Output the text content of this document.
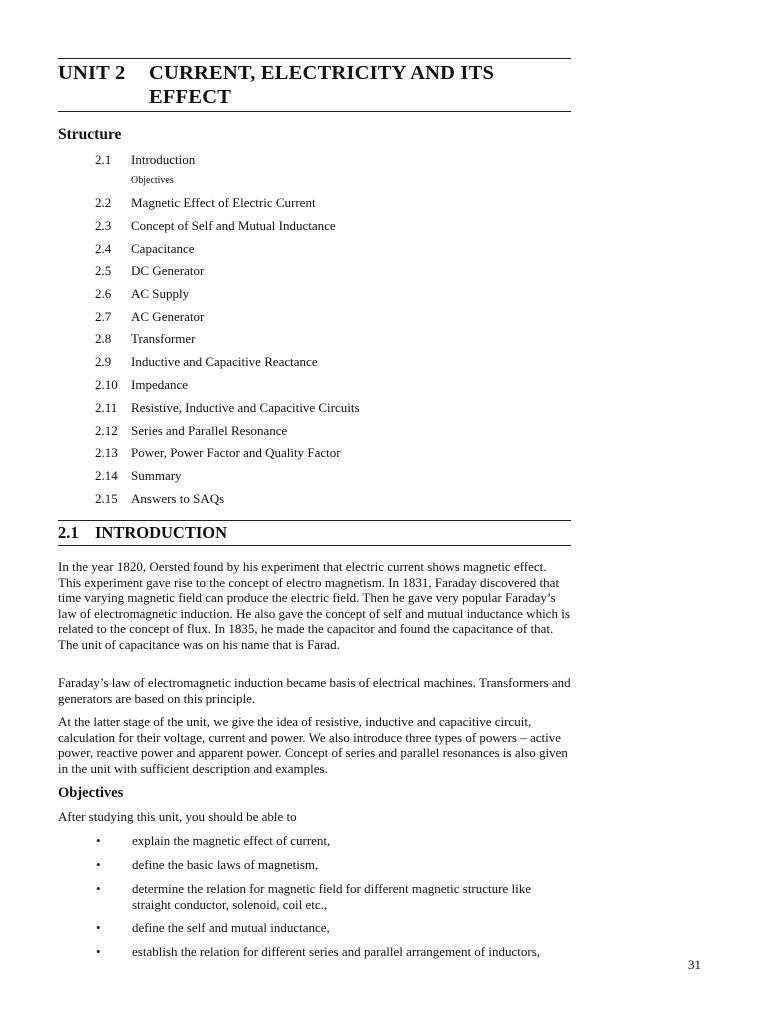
UNIT 2 CURRENT, ELECTRICITY AND ITS EFFECT
Structure
2.1 Introduction
Objectives
2.2 Magnetic Effect of Electric Current
2.3 Concept of Self and Mutual Inductance
2.4 Capacitance
2.5 DC Generator
2.6 AC Supply
2.7 AC Generator
2.8 Transformer
2.9 Inductive and Capacitive Reactance
2.10 Impedance
2.11 Resistive, Inductive and Capacitive Circuits
2.12 Series and Parallel Resonance
2.13 Power, Power Factor and Quality Factor
2.14 Summary
2.15 Answers to SAQs
2.1 INTRODUCTION

In the year 1820, Oersted found by his experiment that electric current shows magnetic effect. This experiment gave rise to the concept of electro magnetism. In 1831, Faraday discovered that time varying magnetic field can produce the electric field. Then he gave very popular Faraday’s law of electromagnetic induction. He also gave the concept of self and mutual inductance which is related to the concept of flux. In 1835, he made the capacitor and found the capacitance of that. The unit of capacitance was on his name that is Farad.

Faraday’s law of electromagnetic induction became basis of electrical machines. Transformers and generators are based on this principle.

At the latter stage of the unit, we give the idea of resistive, inductive and capacitive circuit, calculation for their voltage, current and power. We also introduce three types of powers – active power, reactive power and apparent power. Concept of series and parallel resonances is also given in the unit with sufficient description and examples.

Objectives

After studying this unit, you should be able to

• explain the magnetic effect of current,
• define the basic laws of magnetism,
• determine the relation for magnetic field for different magnetic structure like straight conductor, solenoid, coil etc.,
• define the self and mutual inductance,
• establish the relation for different series and parallel arrangement of inductors,
31
